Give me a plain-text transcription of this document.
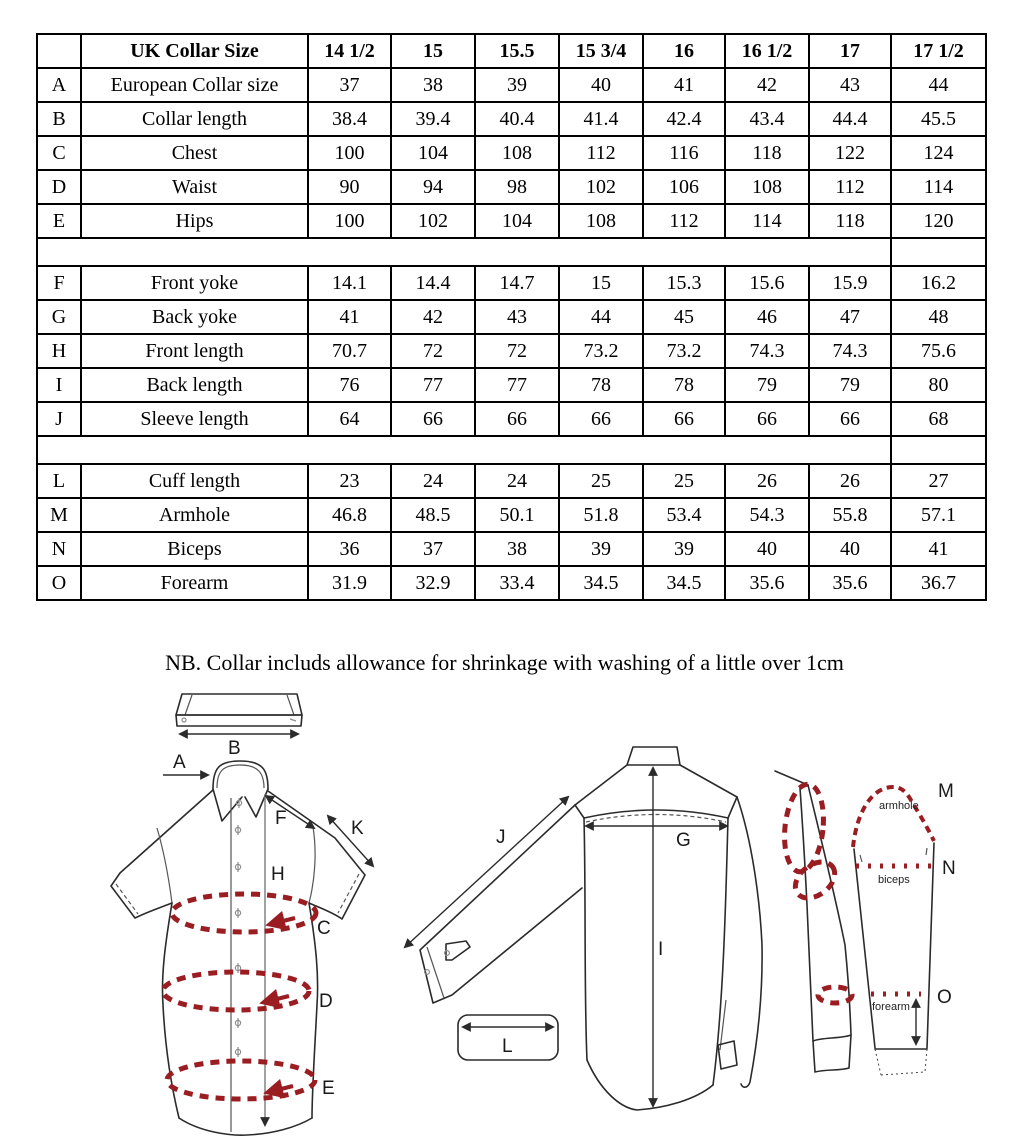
	UK Collar Size	14 1/2	15	15.5	15 3/4	16	16 1/2	17	17 1/2
A	European Collar size	37	38	39	40	41	42	43	44
B	Collar length	38.4	39.4	40.4	41.4	42.4	43.4	44.4	45.5
C	Chest	100	104	108	112	116	118	122	124
D	Waist	90	94	98	102	106	108	112	114
E	Hips	100	102	104	108	112	114	118	120

F	Front yoke	14.1	14.4	14.7	15	15.3	15.6	15.9	16.2
G	Back yoke	41	42	43	44	45	46	47	48
H	Front length	70.7	72	72	73.2	73.2	74.3	74.3	75.6
I	Back length	76	77	77	78	78	79	79	80
J	Sleeve length	64	66	66	66	66	66	66	68

L	Cuff length	23	24	24	25	25	26	26	27
M	Armhole	46.8	48.5	50.1	51.8	53.4	54.3	55.8	57.1
N	Biceps	36	37	38	39	39	40	40	41
O	Forearm	31.9	32.9	33.4	34.5	34.5	35.6	35.6	36.7
NB. Collar includs allowance for shrinkage with washing of a little over 1cm
B
A
H
F	K
C
D
E
G
J
I
L
armhole
M
biceps
N
forearm O
